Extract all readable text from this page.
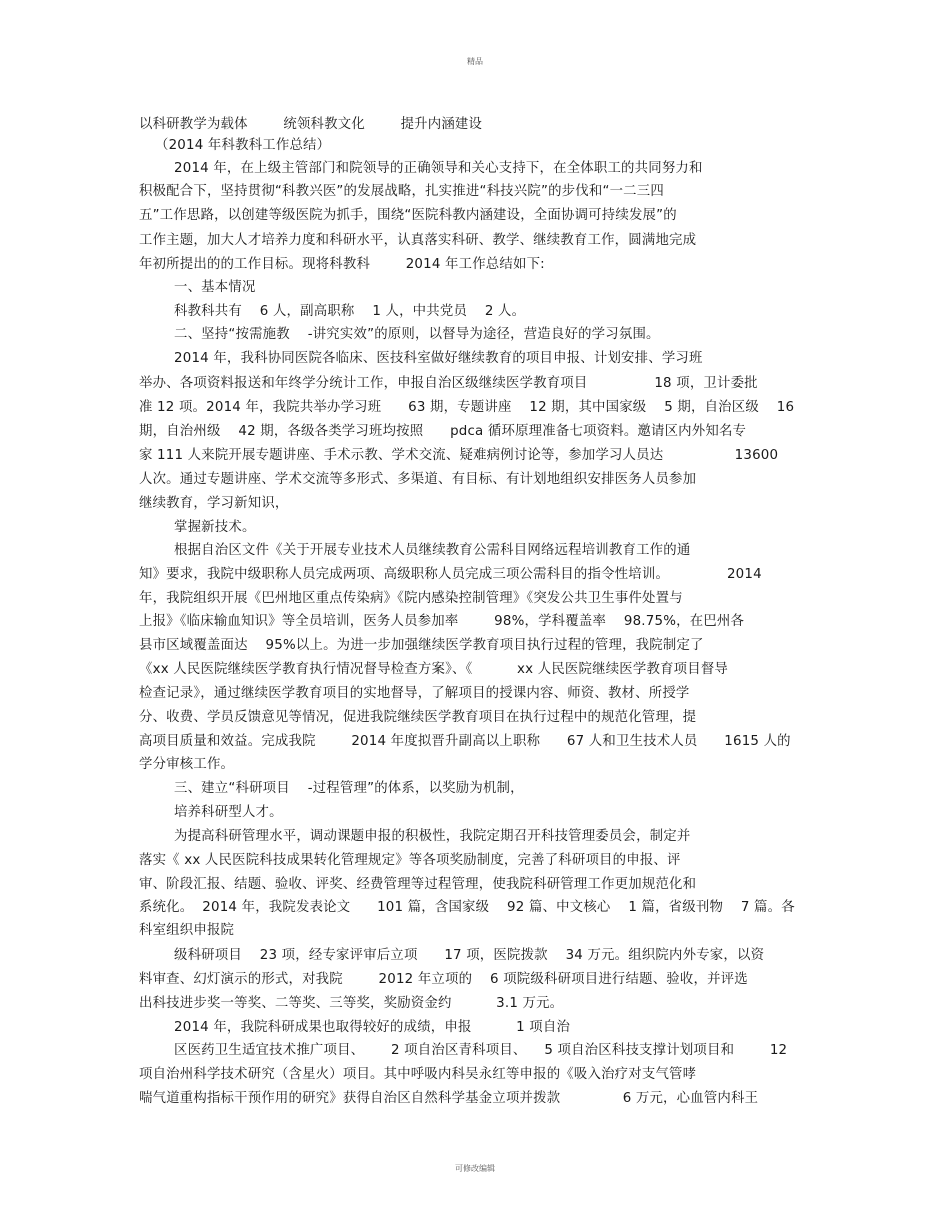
精品
以科研教学为载体        统领科教文化        提升内涵建设
（2014 年科教科工作总结）
2014 年，在上级主管部门和院领导的正确领导和关心支持下，在全体职工的共同努力和
积极配合下，坚持贯彻“科教兴医”的发展战略，扎实推进“科技兴院”的步伐和“一二三四
五”工作思路，以创建等级医院为抓手，围绕“医院科教内涵建设，全面协调可持续发展”的
工作主题，加大人才培养力度和科研水平，认真落实科研、教学、继续教育工作，圆满地完成
年初所提出的的工作目标。现将科教科        2014 年工作总结如下:
一、基本情况
科教科共有    6 人，副高职称    1 人，中共党员    2 人。
二、坚持“按需施教    -讲究实效”的原则，以督导为途径，营造良好的学习氛围。
2014 年，我科协同医院各临床、医技科室做好继续教育的项目申报、计划安排、学习班
举办、各项资料报送和年终学分统计工作，申报自治区级继续医学教育项目               18 项，卫计委批
准 12 项。2014 年，我院共举办学习班      63 期，专题讲座    12 期，其中国家级    5 期，自治区级    16
期，自治州级    42 期，各级各类学习班均按照      pdca 循环原理准备七项资料。邀请区内外知名专
家 111 人来院开展专题讲座、手术示教、学术交流、疑难病例讨论等，参加学习人员达                13600
人次。通过专题讲座、学术交流等多形式、多渠道、有目标、有计划地组织安排医务人员参加
继续教育，学习新知识，
掌握新技术。
根据自治区文件《关于开展专业技术人员继续教育公需科目网络远程培训教育工作的通
知》要求，我院中级职称人员完成两项、高级职称人员完成三项公需科目的指令性培训。             2014
年，我院组织开展《巴州地区重点传染病》《院内感染控制管理》《突发公共卫生事件处置与
上报》《临床输血知识》等全员培训，医务人员参加率        98%，学科覆盖率    98.75%，在巴州各
县市区域覆盖面达    95%以上。为进一步加强继续医学教育项目执行过程的管理，我院制定了
《xx 人民医院继续医学教育执行情况督导检查方案》、《          xx 人民医院继续医学教育项目督导
检查记录》，通过继续医学教育项目的实地督导，了解项目的授课内容、师资、教材、所授学
分、收费、学员反馈意见等情况，促进我院继续医学教育项目在执行过程中的规范化管理，提
高项目质量和效益。完成我院        2014 年度拟晋升副高以上职称      67 人和卫生技术人员      1615 人的
学分审核工作。
三、建立“科研项目    -过程管理”的体系，以奖励为机制，
培养科研型人才。
为提高科研管理水平，调动课题申报的积极性，我院定期召开科技管理委员会，制定并
落实《 xx 人民医院科技成果转化管理规定》等各项奖励制度，完善了科研项目的申报、评
审、阶段汇报、结题、验收、评奖、经费管理等过程管理，使我院科研管理工作更加规范化和
系统化。  2014 年，我院发表论文      101 篇，含国家级    92 篇、中文核心    1 篇，省级刊物    7 篇。各
科室组织申报院
级科研项目    23 项，经专家评审后立项      17 项，医院拨款    34 万元。组织院内外专家，以资
料审查、幻灯演示的形式，对我院        2012 年立项的    6 项院级科研项目进行结题、验收，并评选
出科技进步奖一等奖、二等奖、三等奖，奖励资金约          3.1 万元。
2014 年，我院科研成果也取得较好的成绩，申报          1 项自治
区医药卫生适宜技术推广项目、      2 项自治区青科项目、    5 项自治区科技支撑计划项目和        12
项自治州科学技术研究（含星火）项目。其中呼吸内科吴永红等申报的《吸入治疗对支气管哮
喘气道重构指标干预作用的研究》获得自治区自然科学基金立项并拨款              6 万元，心血管内科王
可修改编辑
